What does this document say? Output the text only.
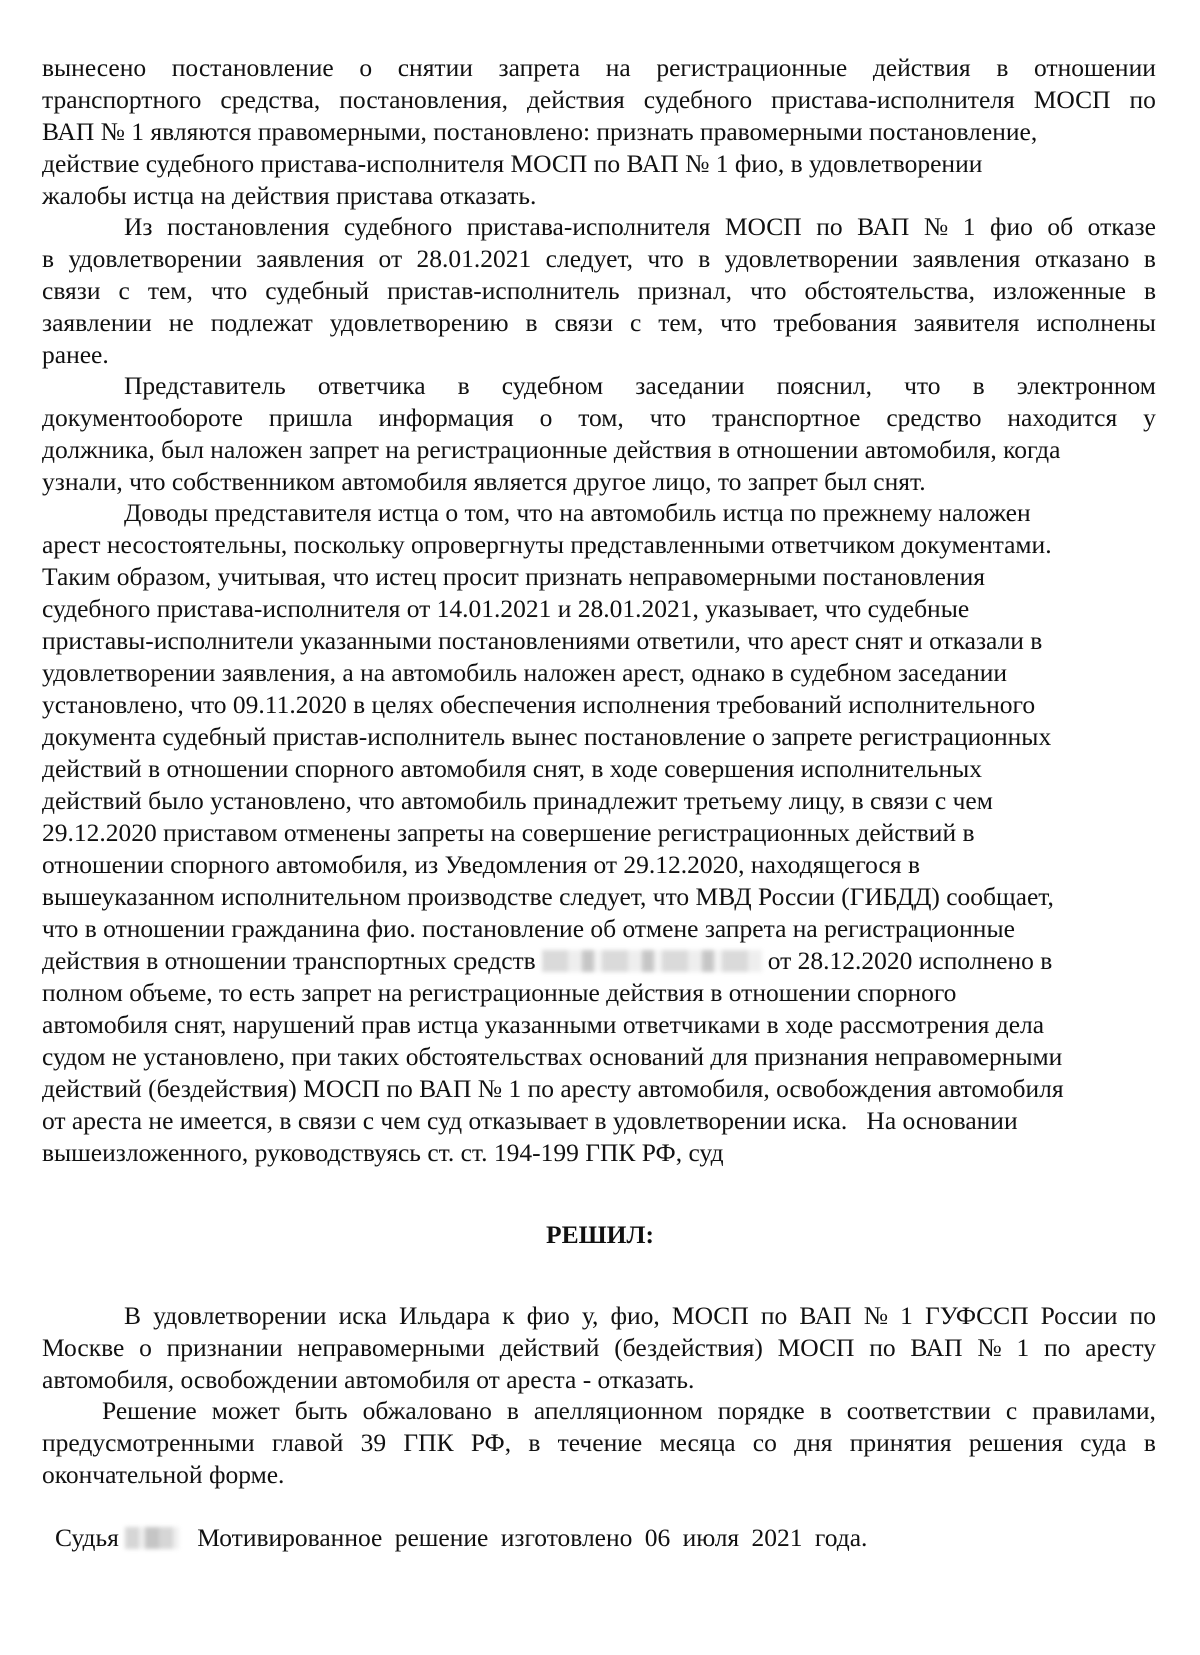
вынесено постановление о снятии запрета на регистрационные действия в отношении
транспортного средства, постановления, действия судебного пристава-исполнителя МОСП по
ВАП № 1 являются правомерными, постановлено: признать правомерными постановление,
действие судебного пристава-исполнителя МОСП по ВАП № 1 фио, в удовлетворении
жалобы истца на действия пристава отказать.
Из постановления судебного пристава-исполнителя МОСП по ВАП № 1 фио об отказе
в удовлетворении заявления от 28.01.2021 следует, что в удовлетворении заявления отказано в
связи с тем, что судебный пристав-исполнитель признал, что обстоятельства, изложенные в
заявлении не подлежат удовлетворению в связи с тем, что требования заявителя исполнены
ранее.
Представитель ответчика в судебном заседании пояснил, что в электронном
документообороте пришла информация о том, что транспортное средство находится у
должника, был наложен запрет на регистрационные действия в отношении автомобиля, когда
узнали, что собственником автомобиля является другое лицо, то запрет был снят.
Доводы представителя истца о том, что на автомобиль истца по прежнему наложен
арест несостоятельны, поскольку опровергнуты представленными ответчиком документами.
Таким образом, учитывая, что истец просит признать неправомерными постановления
судебного пристава-исполнителя от 14.01.2021 и 28.01.2021, указывает, что судебные
приставы-исполнители указанными постановлениями ответили, что арест снят и отказали в
удовлетворении заявления, а на автомобиль наложен арест, однако в судебном заседании
установлено, что 09.11.2020 в целях обеспечения исполнения требований исполнительного
документа судебный пристав-исполнитель вынес постановление о запрете регистрационных
действий в отношении спорного автомобиля снят, в ходе совершения исполнительных
действий было установлено, что автомобиль принадлежит третьему лицу, в связи с чем
29.12.2020 приставом отменены запреты на совершение регистрационных действий в
отношении спорного автомобиля, из Уведомления от 29.12.2020, находящегося в
вышеуказанном исполнительном производстве следует, что МВД России (ГИБДД) сообщает,
что в отношении гражданина фио. постановление об отмене запрета на регистрационные
действия в отношении транспортных средств	от 28.12.2020 исполнено в
полном объеме, то есть запрет на регистрационные действия в отношении спорного
автомобиля снят, нарушений прав истца указанными ответчиками в ходе рассмотрения дела
судом не установлено, при таких обстоятельствах оснований для признания неправомерными
действий (бездействия) МОСП по ВАП № 1 по аресту автомобиля, освобождения автомобиля
от ареста не имеется, в связи с чем суд отказывает в удовлетворении иска.   На основании
вышеизложенного, руководствуясь ст. ст. 194-199 ГПК РФ, суд
РЕШИЛ:
В удовлетворении иска Ильдара к фио у, фио, МОСП по ВАП № 1 ГУФССП России по
Москве о признании неправомерными действий (бездействия) МОСП по ВАП № 1 по аресту
автомобиля, освобождении автомобиля от ареста - отказать.
Решение может быть обжаловано в апелляционном порядке в соответствии с правилами,
предусмотренными главой 39 ГПК РФ, в течение месяца со дня принятия решения суда в
окончательной форме.
Судья	Мотивированное решение изготовлено 06 июля 2021 года.
